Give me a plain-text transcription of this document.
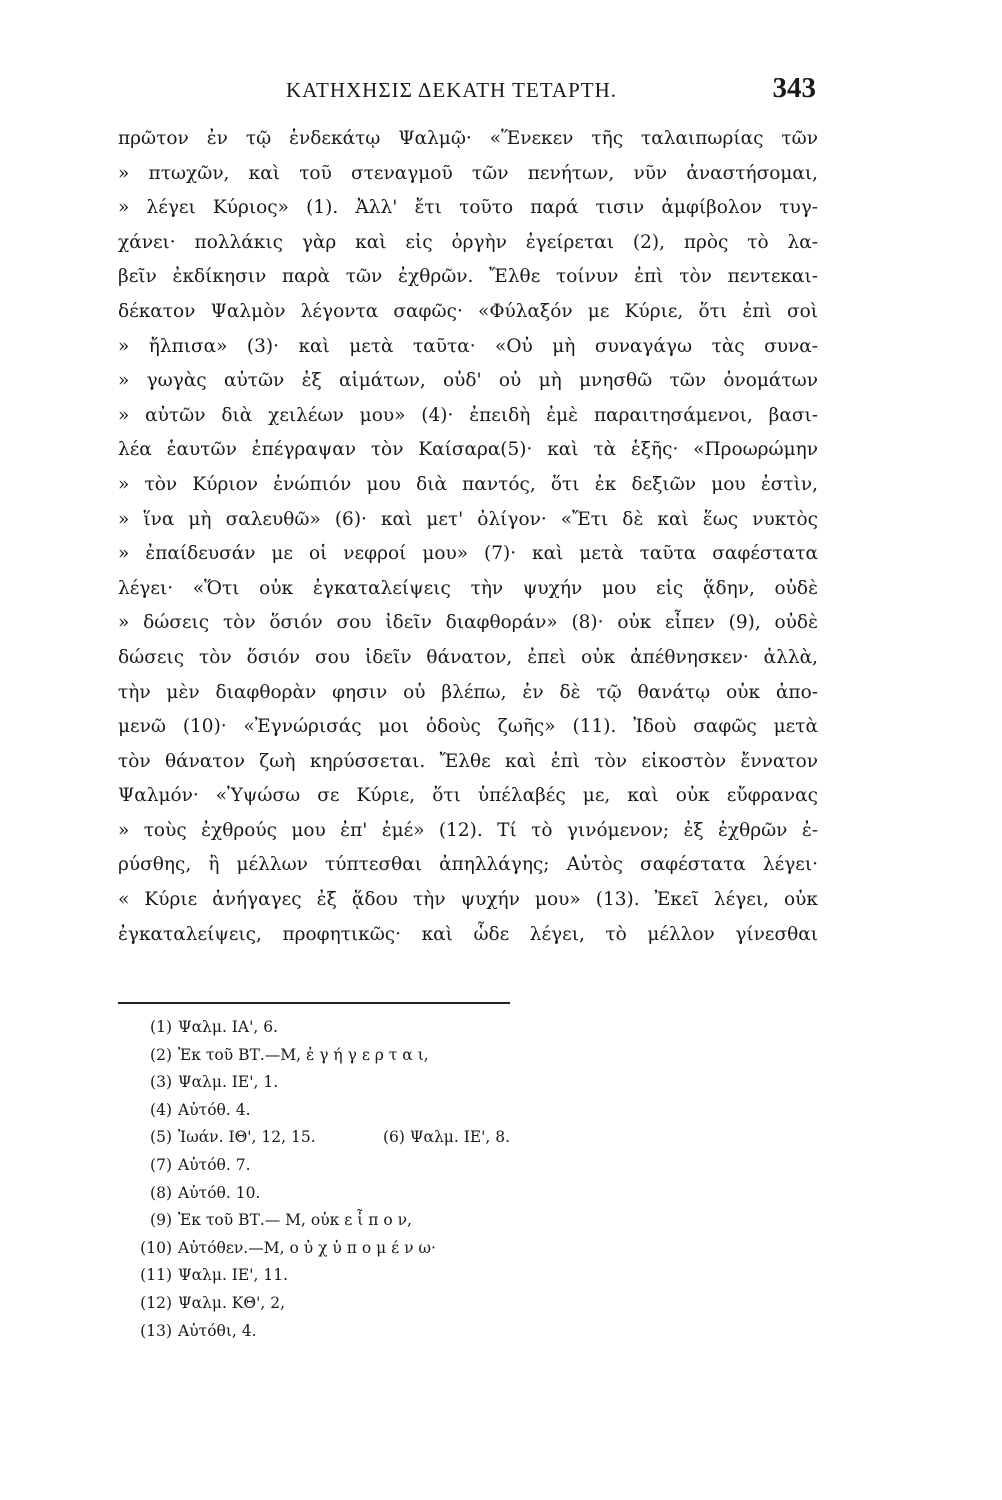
ΚΑΤΗΧΗΣΙΣ ΔΕΚΑΤΗ ΤΕΤΑΡΤΗ.	343
πρῶτον ἐν τῷ ἑνδεκάτῳ Ψαλμῷ· «Ἕνεκεν τῆς ταλαιπωρίας τῶν
» πτωχῶν, καὶ τοῦ στεναγμοῦ τῶν πενήτων, νῦν ἀναστήσομαι,
» λέγει Κύριος» (1). Ἀλλ' ἔτι τοῦτο παρά τισιν ἀμφίβολον τυγ-
χάνει· πολλάκις γὰρ καὶ εἰς ὀργὴν ἐγείρεται (2), πρὸς τὸ λα-
βεῖν ἐκδίκησιν παρὰ τῶν ἐχθρῶν. Ἔλθε τοίνυν ἐπὶ τὸν πεντεκαι-
δέκατον Ψαλμὸν λέγοντα σαφῶς· «Φύλαξόν με Κύριε, ὅτι ἐπὶ σοὶ
» ἤλπισα» (3)· καὶ μετὰ ταῦτα· «Οὐ μὴ συναγάγω τὰς συνα-
» γωγὰς αὐτῶν ἐξ αἱμάτων, οὐδ' οὐ μὴ μνησθῶ τῶν ὀνομάτων
» αὐτῶν διὰ χειλέων μου» (4)· ἐπειδὴ ἐμὲ παραιτησάμενοι, βασι-
λέα ἑαυτῶν ἐπέγραψαν τὸν Καίσαρα(5)· καὶ τὰ ἑξῆς· «Προωρώμην
» τὸν Κύριον ἐνώπιόν μου διὰ παντός, ὅτι ἐκ δεξιῶν μου ἐστὶν,
» ἵνα μὴ σαλευθῶ» (6)· καὶ μετ' ὀλίγον· «Ἔτι δὲ καὶ ἕως νυκτὸς
» ἐπαίδευσάν με οἱ νεφροί μου» (7)· καὶ μετὰ ταῦτα σαφέστατα
λέγει· «Ὅτι οὐκ ἐγκαταλείψεις τὴν ψυχήν μου εἰς ᾅδην, οὐδὲ
» δώσεις τὸν ὅσιόν σου ἰδεῖν διαφθοράν» (8)· οὐκ εἶπεν (9), οὐδὲ
δώσεις τὸν ὅσιόν σου ἰδεῖν θάνατον, ἐπεὶ οὐκ ἀπέθνησκεν· ἀλλὰ,
τὴν μὲν διαφθορὰν φησιν οὐ βλέπω, ἐν δὲ τῷ θανάτῳ οὐκ ἀπο-
μενῶ (10)· «Ἐγνώρισάς μοι ὁδοὺς ζωῆς» (11). Ἰδοὺ σαφῶς μετὰ
τὸν θάνατον ζωὴ κηρύσσεται. Ἔλθε καὶ ἐπὶ τὸν εἰκοστὸν ἔννατον
Ψαλμόν· «Ὑψώσω σε Κύριε, ὅτι ὑπέλαβές με, καὶ οὐκ εὔφρανας
» τοὺς ἐχθρούς μου ἐπ' ἐμέ» (12). Τί τὸ γινόμενον; ἐξ ἐχθρῶν ἐ-
ρύσθης, ἢ μέλλων τύπτεσθαι ἀπηλλάγης; Αὐτὸς σαφέστατα λέγει·
« Κύριε ἀνήγαγες ἐξ ᾅδου τὴν ψυχήν μου» (13). Ἐκεῖ λέγει, οὐκ
ἐγκαταλείψεις, προφητικῶς· καὶ ὧδε λέγει, τὸ μέλλον γίνεσθαι
(1) Ψαλμ. ΙΑ', 6.
(2) Ἐκ τοῦ ΒΤ.—Μ, ἐ γ ή γ ε ρ τ α ι,
(3) Ψαλμ. ΙΕ', 1.
(4) Αὐτόθ. 4.
(5) Ἰωάν. ΙΘ', 12, 15.	(6) Ψαλμ. ΙΕ', 8.
(7) Αὐτόθ. 7.
(8) Αὐτόθ. 10.
(9) Ἐκ τοῦ ΒΤ.— Μ, οὐκ ε ἶ π ο ν,
(10) Αὐτόθεν.—Μ, ο ὐ χ ὑ π ο μ έ ν ω·
(11) Ψαλμ. ΙΕ', 11.
(12) Ψαλμ. ΚΘ', 2,
(13) Αὐτόθι, 4.
